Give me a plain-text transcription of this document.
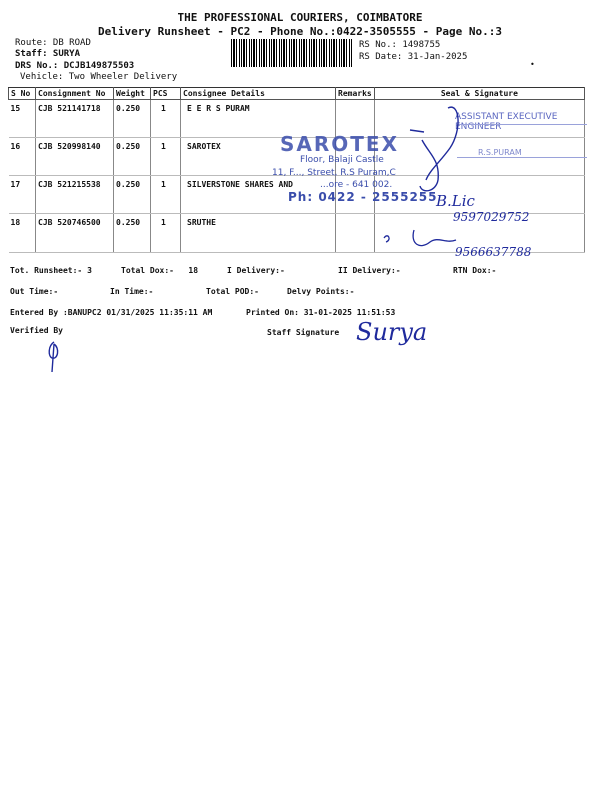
THE PROFESSIONAL COURIERS, COIMBATORE
Delivery Runsheet - PC2 - Phone No.:0422-3505555 - Page No.:3
Route: DB ROAD
Staff: SURYA
DRS No.: DCJB149875503
Vehicle: Two Wheeler Delivery
RS No.: 1498755
RS Date: 31-Jan-2025
•
S No	Consignment No	Weight	PCS	Consignee Details	Remarks	Seal & Signature
15	CJB 521141718	0.250	1	E E R S PURAM		
16	CJB 520998140	0.250	1	SAROTEX		
17	CJB 521215538	0.250	1	SILVERSTONE SHARES AND		
18	CJB 520746500	0.250	1	SRUTHE		
SAROTEX
Floor, Balaji Castle
11, F..., Street, R.S Puram,C
...ore - 641 002.
Ph: 0422 - 2555255
ASSISTANT EXECUTIVE ENGINEER
R.S.PURAM
B.Lic
9597029752
9566637788
Tot. Runsheet:- 3	Total Dox:-   18	I Delivery:-	II Delivery:-	RTN Dox:-
Out Time:-	In Time:-	Total POD:-	Delvy Points:-
Entered By :BANUPC2 01/31/2025 11:35:11 AM	Printed On: 31-01-2025 11:51:53
Verified By	Staff Signature Surya
